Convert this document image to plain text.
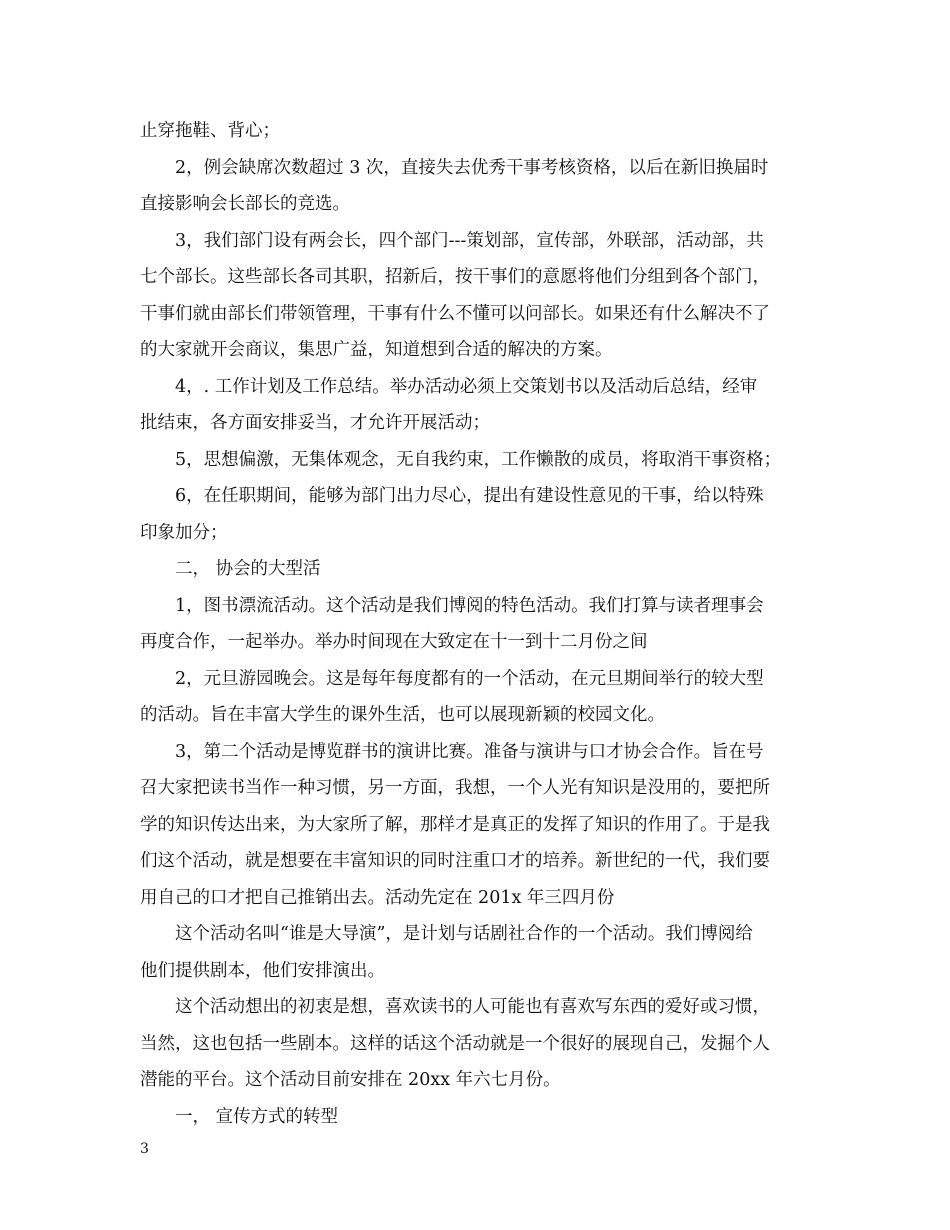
止穿拖鞋、背心；
2，例会缺席次数超过 3 次，直接失去优秀干事考核资格，以后在新旧换届时
直接影响会长部长的竞选。
3，我们部门设有两会长，四个部门---策划部，宣传部，外联部，活动部，共
七个部长。这些部长各司其职，招新后，按干事们的意愿将他们分组到各个部门，
干事们就由部长们带领管理，干事有什么不懂可以问部长。如果还有什么解决不了
的大家就开会商议，集思广益，知道想到合适的解决的方案。
4，. 工作计划及工作总结。举办活动必须上交策划书以及活动后总结，经审
批结束，各方面安排妥当，才允许开展活动；
5，思想偏激，无集体观念，无自我约束，工作懒散的成员，将取消干事资格；
6，在任职期间，能够为部门出力尽心，提出有建设性意见的干事，给以特殊
印象加分；
二， 协会的大型活
1，图书漂流活动。这个活动是我们博阅的特色活动。我们打算与读者理事会
再度合作，一起举办。举办时间现在大致定在十一到十二月份之间
2，元旦游园晚会。这是每年每度都有的一个活动，在元旦期间举行的较大型
的活动。旨在丰富大学生的课外生活，也可以展现新颖的校园文化。
3，第二个活动是博览群书的演讲比赛。准备与演讲与口才协会合作。旨在号
召大家把读书当作一种习惯，另一方面，我想，一个人光有知识是没用的，要把所
学的知识传达出来，为大家所了解，那样才是真正的发挥了知识的作用了。于是我
们这个活动，就是想要在丰富知识的同时注重口才的培养。新世纪的一代，我们要
用自己的口才把自己推销出去。活动先定在 201x 年三四月份
这个活动名叫“谁是大导演”，是计划与话剧社合作的一个活动。我们博阅给
他们提供剧本，他们安排演出。
这个活动想出的初衷是想，喜欢读书的人可能也有喜欢写东西的爱好或习惯，
当然，这也包括一些剧本。这样的话这个活动就是一个很好的展现自己，发掘个人
潜能的平台。这个活动目前安排在 20xx 年六七月份。
一， 宣传方式的转型
3
